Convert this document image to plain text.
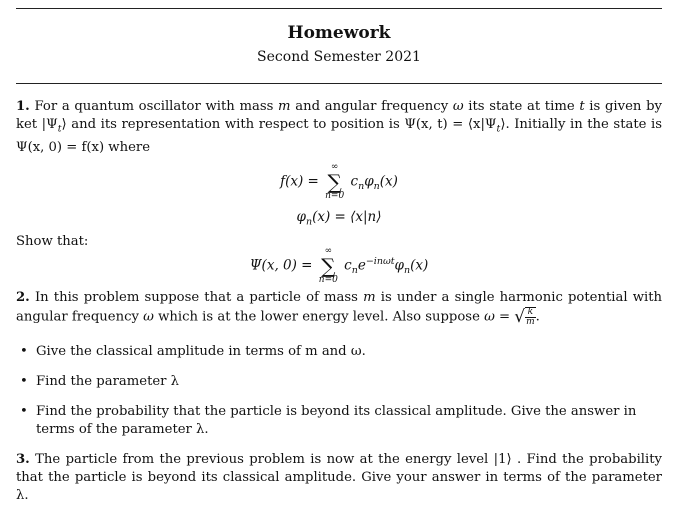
Homework
Second Semester 2021
1. For a quantum oscillator with mass m and angular frequency ω its state at time t is given by ket $|\Psi_t⟩$ and its representation with respect to position is Ψ(x, $t) = ⟨x|\Psi_t⟩$. Initially in the state is Ψ(x, 0) = f(x) where
f(x) =
∞
∑
n=0
$c_n\varphi_n(x)$
$\varphi_n(x)$ = ⟨x|n⟩
Show that:
Ψ(x, 0) =
∞
∑
n=0
$c_ne^{-in\omega t}\varphi_n(x)$
2. In this problem suppose that a particle of mass m is under a single harmonic potential with angular frequency ω which is at the lower energy level. Also suppose ω = √ $\frac{k}{m}$ .
• Give the classical amplitude in terms of m and ω.
• Find the parameter λ
• Find the probability that the particle is beyond its classical amplitude. Give the answer in terms of the parameter λ.
3. The particle from the previous problem is now at the energy level |1⟩ . Find the probability that the particle is beyond its classical amplitude. Give your answer in terms of the parameter λ.
